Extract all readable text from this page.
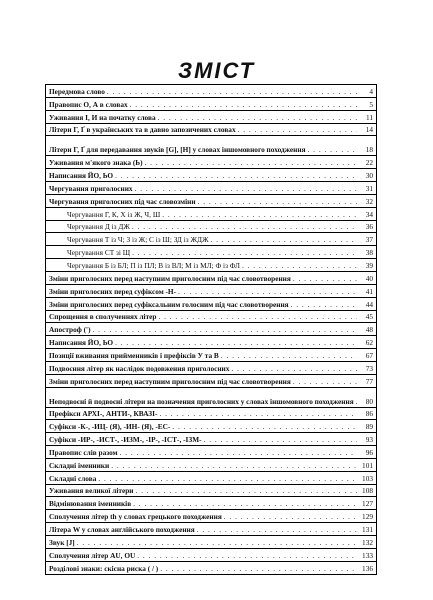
ЗМІСТ
Передмова слово . . .	4
Правопис О, А в словах . . .	5
Уживання І, И на початку слова . . .	11
Літери Г, Ґ в українських та в давно запозичених словах . . .	14
Літери Г, Ґ для передавання звуків [G], [H] у словах іншомовного походження . . .	18
Уживання м'якого знака (Ь) . . .	22
Написання ЙО, ЬО . . .	30
Чергування приголосних . . .	31
Чергування приголосних під час словозміни . . .	32
Чергування Г, К, Х із Ж, Ч, Ш . . .	34
Чергування Д із ДЖ . . .	36
Чергування Т із Ч; З із Ж; С із Ш; ЗД із ЖДЖ . . .	37
Чергування СТ зі Щ . . .	38
Чергування Б із БЛ; П із ПЛ; В із ВЛ; М із МЛ; Ф із ФЛ . . .	39
Зміни приголосних перед наступним приголосним під час словотворення . . .	40
Зміни приголосних перед суфіксом -Н- . . .	41
Зміни приголосних перед суфіксальним голосним під час словотворення . . .	44
Спрощення в сполученнях літер . . .	45
Апостроф (') . . .	48
Написання ЙО, ЬО . . .	62
Позиції вживання прийменників і префіксів У та В . . .	67
Подвоєння літер як наслідок подовження приголосних . . .	73
Зміни приголосних перед наступним приголосним під час словотворення . . .	77
Неподвоєні й подвоєні літери на позначення приголосних у словах іншомовного походження . . .	80
Префікси АРХІ-, АНТИ-, КВАЗІ- . . .	86
Суфікси -К-, -ИЦ- (Я), -ИН- (Я), -ЕС- . . .	89
Суфікси -ИР-, -ИСТ-, -ИЗМ-, -ІР-, -ІСТ-, -ІЗМ- . . .	93
Правопис слів разом . . .	96
Складні іменники . . .	101
Складні слова . . .	103
Уживання великої літери . . .	108
Відмінювання іменників . . .	127
Сполучення літер th у словах грецького походження . . .	129
Літера W у словах англійського походження . . .	131
Звук [J] . . .	132
Сполучення літер AU, OU . . .	133
Розділові знаки: скісна риска ( / ) . . .	136
